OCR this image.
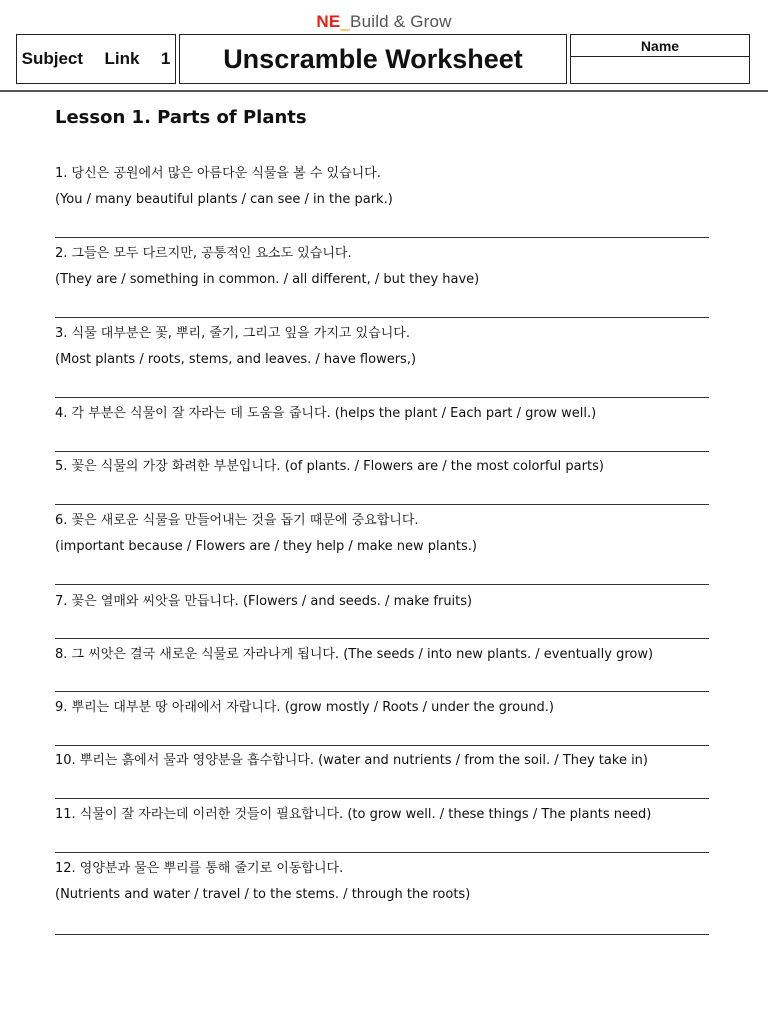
NE_Build & Grow
Subject  Link  1 Unscramble Worksheet	Name
Lesson 1. Parts of Plants
1. 당신은 공원에서 많은 아름다운 식물을 볼 수 있습니다.
(You / many beautiful plants / can see / in the park.)
2. 그들은 모두 다르지만, 공통적인 요소도 있습니다.
(They are / something in common. / all different, / but they have)
3. 식물 대부분은 꽃, 뿌리, 줄기, 그리고 잎을 가지고 있습니다.
(Most plants / roots, stems, and leaves. / have flowers,)
4. 각 부분은 식물이 잘 자라는 데 도움을 줍니다. (helps the plant / Each part / grow well.)
5. 꽃은 식물의 가장 화려한 부분입니다. (of plants. / Flowers are / the most colorful parts)
6. 꽃은 새로운 식물을 만들어내는 것을 돕기 때문에 중요합니다.
(important because / Flowers are / they help / make new plants.)
7. 꽃은 열매와 씨앗을 만듭니다. (Flowers / and seeds. / make fruits)
8. 그 씨앗은 결국 새로운 식물로 자라나게 됩니다. (The seeds / into new plants. / eventually grow)
9. 뿌리는 대부분 땅 아래에서 자랍니다. (grow mostly / Roots / under the ground.)
10. 뿌리는 흙에서 물과 영양분을 흡수합니다. (water and nutrients / from the soil. / They take in)
11. 식물이 잘 자라는데 이러한 것들이 필요합니다. (to grow well. / these things / The plants need)
12. 영양분과 물은 뿌리를 통해 줄기로 이동합니다.
(Nutrients and water / travel / to the stems. / through the roots)
